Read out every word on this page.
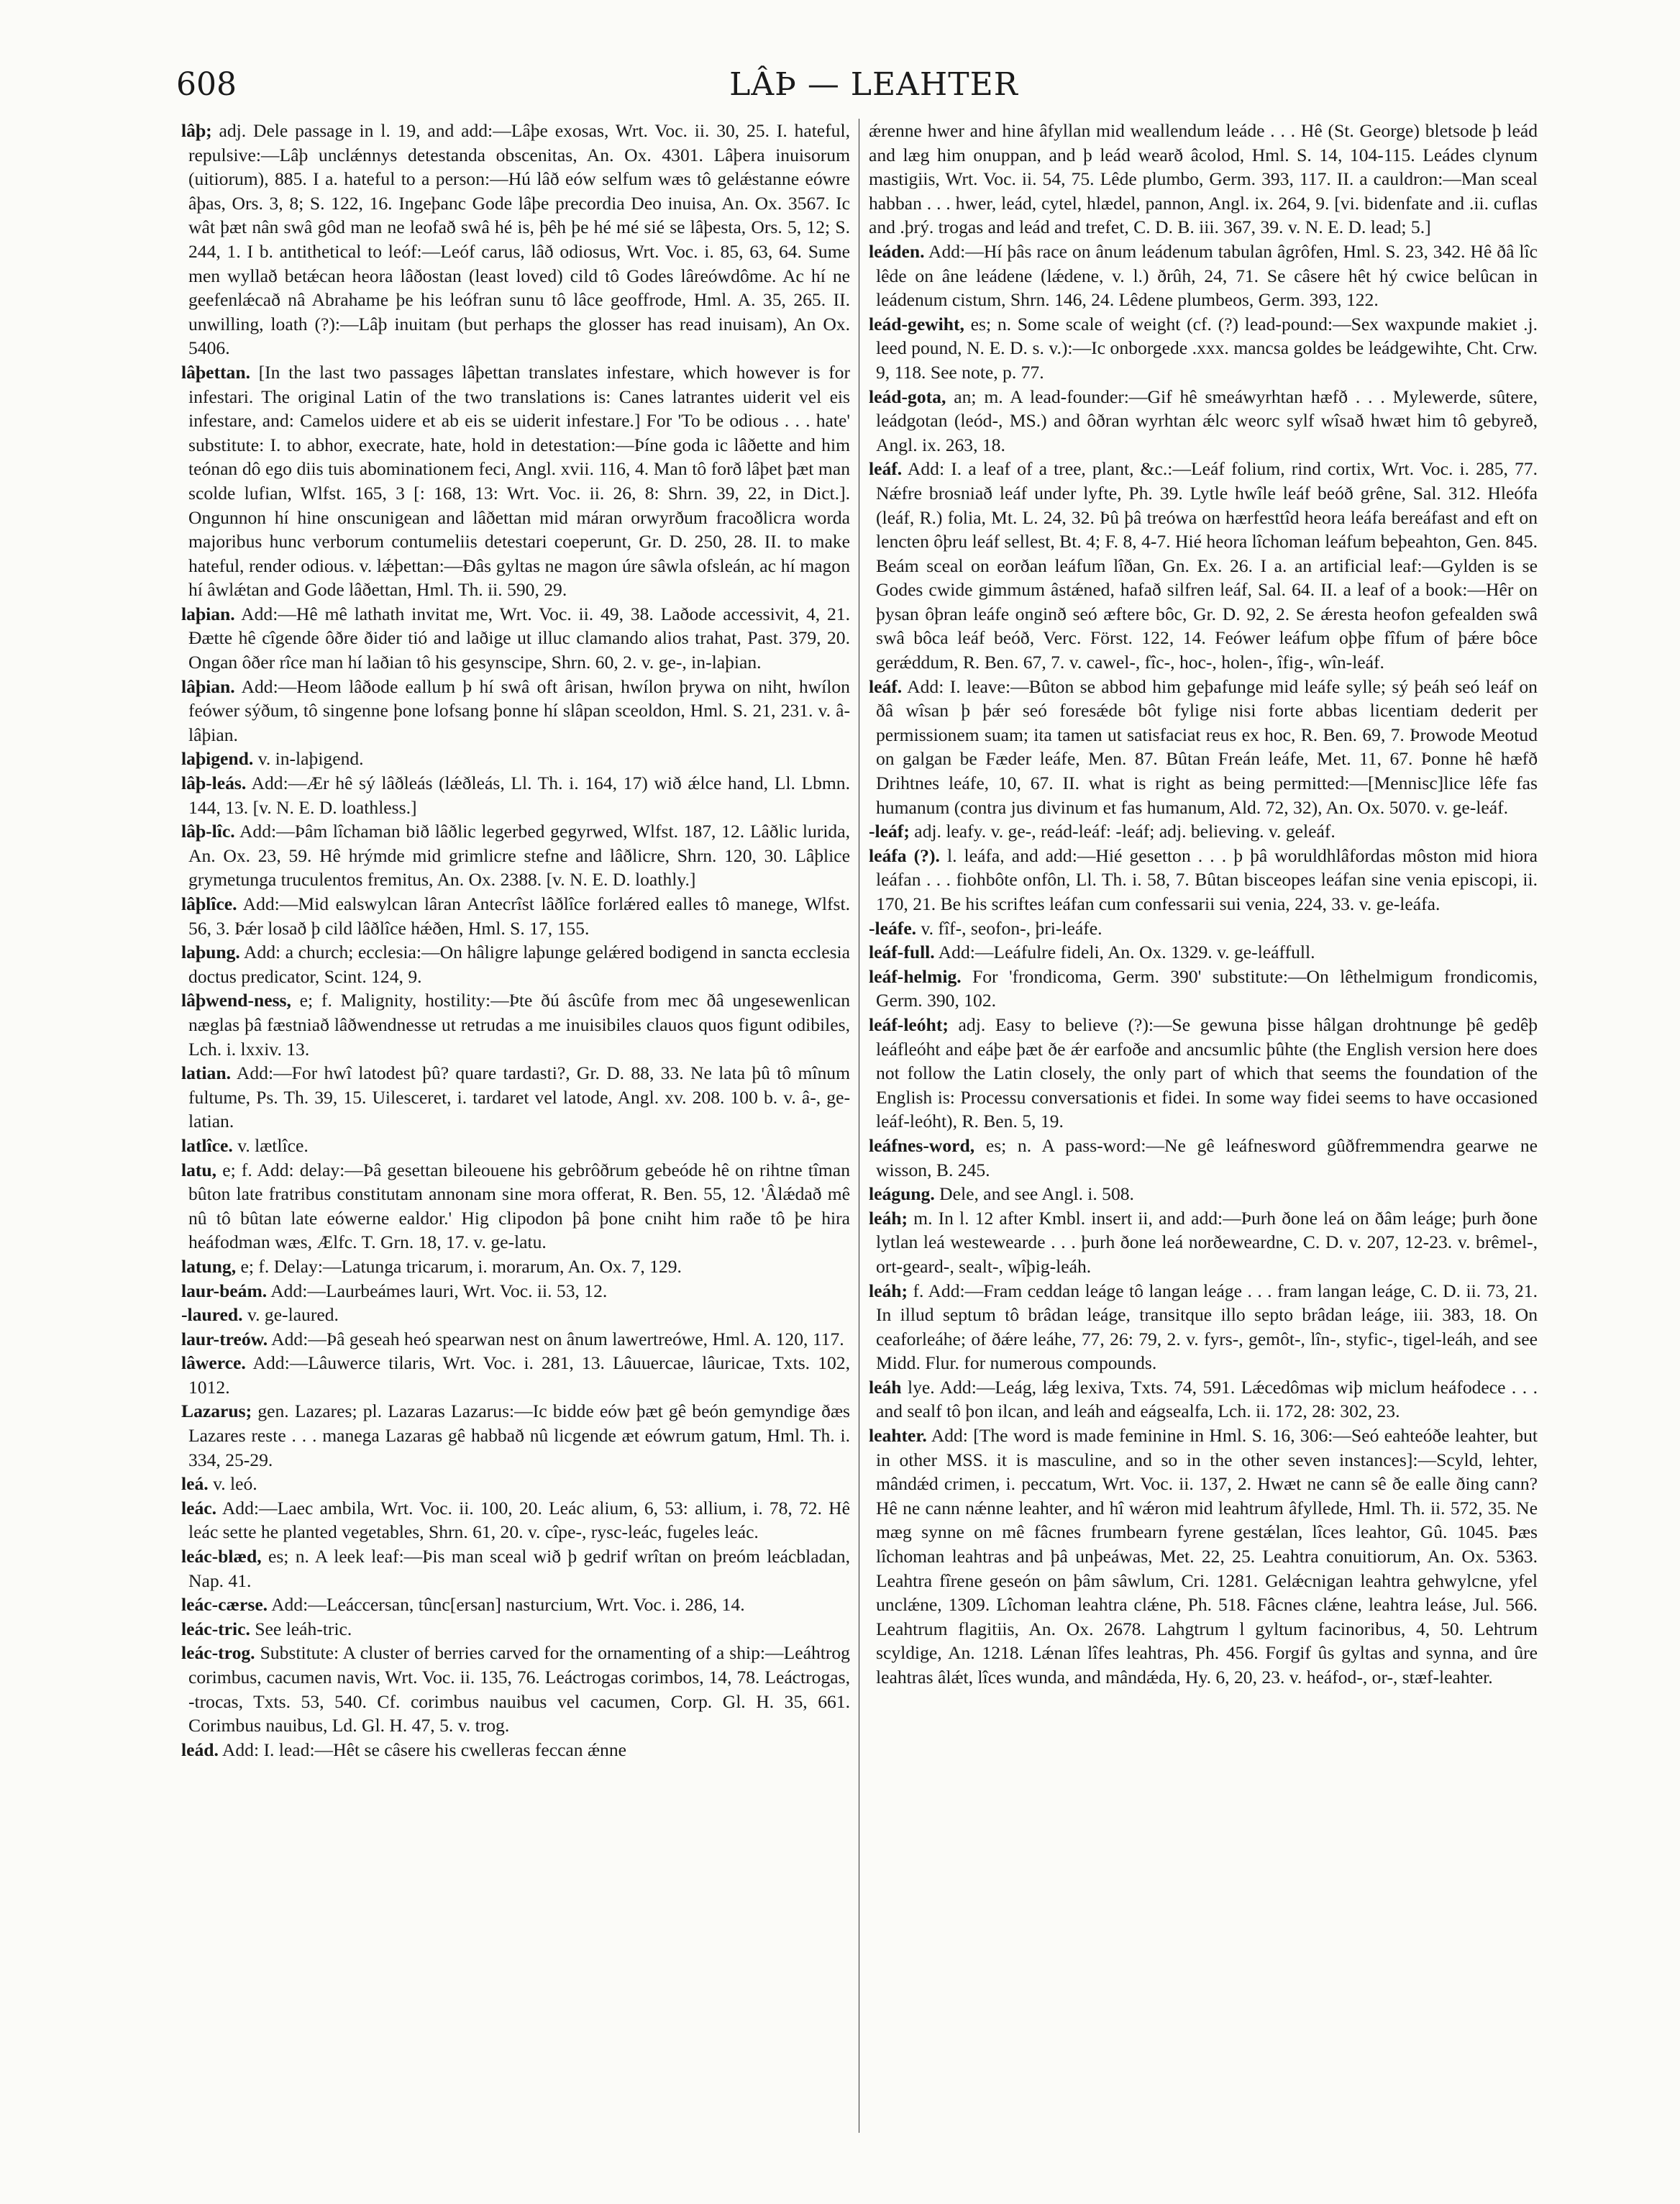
608	LÂÞ — LEAHTER

lâþ; adj. Dele passage in l. 19, and add:—Lâþe exosas, Wrt. Voc. ii. 30, 25. I. hateful, repulsive:—Lâþ unclǽnnys detestanda obscenitas, An. Ox. 4301. Lâþera inuisorum (uitiorum), 885. I a. hateful to a person:—Hú lâð eów selfum wæs tô gelǽstanne eówre âþas, Ors. 3, 8; S. 122, 16. Ingeþanc Gode lâþe precordia Deo inuisa, An. Ox. 3567. Ic wât þæt nân swâ gôd man ne leofað swâ hé is, þêh þe hé mé sié se lâþesta, Ors. 5, 12; S. 244, 1. I b. antithetical to leóf:—Leóf carus, lâð odiosus, Wrt. Voc. i. 85, 63, 64. Sume men wyllað betǽcan heora lâðostan (least loved) cild tô Godes lâreówdôme. Ac hí ne geefenlǽcað nâ Abrahame þe his leófran sunu tô lâce geoffrode, Hml. A. 35, 265. II. unwilling, loath (?):—Lâþ inuitam (but perhaps the glosser has read inuisam), An Ox. 5406.

lâþettan. [In the last two passages lâþettan translates infestare, which however is for infestari. The original Latin of the two translations is: Canes latrantes uiderit vel eis infestare, and: Camelos uidere et ab eis se uiderit infestare.] For 'To be odious . . . hate' substitute: I. to abhor, execrate, hate, hold in detestation:—Þíne goda ic lâðette and him teónan dô ego diis tuis abominationem feci, Angl. xvii. 116, 4. Man tô forð lâþet þæt man scolde lufian, Wlfst. 165, 3 [: 168, 13: Wrt. Voc. ii. 26, 8: Shrn. 39, 22, in Dict.]. Ongunnon hí hine onscunigean and lâðettan mid máran orwyrðum fracoðlicra worda majoribus hunc verborum contumeliis detestari coeperunt, Gr. D. 250, 28. II. to make hateful, render odious. v. lǽþettan:—Ðâs gyltas ne magon úre sâwla ofsleán, ac hí magon hí âwlǽtan and Gode lâðettan, Hml. Th. ii. 590, 29.

laþian. Add:—Hê mê lathath invitat me, Wrt. Voc. ii. 49, 38. Laðode accessivit, 4, 21. Ðætte hê cîgende ôðre ðider tió and laðige ut illuc clamando alios trahat, Past. 379, 20. Ongan ôðer rîce man hí laðian tô his gesynscipe, Shrn. 60, 2. v. ge-, in-laþian.

lâþian. Add:—Heom lâðode eallum þ hí swâ oft ârisan, hwílon þrywa on niht, hwílon feówer sýðum, tô singenne þone lofsang þonne hí slâpan sceoldon, Hml. S. 21, 231. v. â-lâþian.

laþigend. v. in-laþigend.

lâþ-leás. Add:—Ær hê sý lâðleás (lǽðleás, Ll. Th. i. 164, 17) wið ǽlce hand, Ll. Lbmn. 144, 13. [v. N. E. D. loathless.]

lâþ-lîc. Add:—Þâm lîchaman bið lâðlic legerbed gegyrwed, Wlfst. 187, 12. Lâðlic lurida, An. Ox. 23, 59. Hê hrýmde mid grimlicre stefne and lâðlicre, Shrn. 120, 30. Lâþlice grymetunga truculentos fremitus, An. Ox. 2388. [v. N. E. D. loathly.]

lâþlîce. Add:—Mid ealswylcan lâran Antecrîst lâðlîce forlǽred ealles tô manege, Wlfst. 56, 3. Þǽr losað þ cild lâðlîce hǽðen, Hml. S. 17, 155.

laþung. Add: a church; ecclesia:—On hâligre laþunge gelǽred bodigend in sancta ecclesia doctus predicator, Scint. 124, 9.

lâþwend-ness, e; f. Malignity, hostility:—Þte ðú âscûfe from mec ðâ ungesewenlican næglas þâ fæstniað lâðwendnesse ut retrudas a me inuisibiles clauos quos figunt odibiles, Lch. i. lxxiv. 13.

latian. Add:—For hwî latodest þû? quare tardasti?, Gr. D. 88, 33. Ne lata þû tô mînum fultume, Ps. Th. 39, 15. Uilesceret, i. tardaret vel latode, Angl. xv. 208. 100 b. v. â-, ge-latian.

latlîce. v. lætlîce.

latu, e; f. Add: delay:—Þâ gesettan bileouene his gebrôðrum gebeóde hê on rihtne tîman bûton late fratribus constitutam annonam sine mora offerat, R. Ben. 55, 12. 'Âlǽdað mê nû tô bûtan late eówerne ealdor.' Hig clipodon þâ þone cniht him raðe tô þe hira heáfodman wæs, Ælfc. T. Grn. 18, 17. v. ge-latu.

latung, e; f. Delay:—Latunga tricarum, i. morarum, An. Ox. 7, 129.

laur-beám. Add:—Laurbeámes lauri, Wrt. Voc. ii. 53, 12.

-laured. v. ge-laured.

laur-treów. Add:—Þâ geseah heó spearwan nest on ânum lawertreówe, Hml. A. 120, 117.

lâwerce. Add:—Lâuwerce tilaris, Wrt. Voc. i. 281, 13. Lâuuercae, lâuricae, Txts. 102, 1012.

Lazarus; gen. Lazares; pl. Lazaras Lazarus:—Ic bidde eów þæt gê beón gemyndige ðæs Lazares reste . . . manega Lazaras gê habbað nû licgende æt eówrum gatum, Hml. Th. i. 334, 25-29.

leá. v. leó.

leác. Add:—Laec ambila, Wrt. Voc. ii. 100, 20. Leác alium, 6, 53: allium, i. 78, 72. Hê leác sette he planted vegetables, Shrn. 61, 20. v. cîpe-, rysc-leác, fugeles leác.

leác-blæd, es; n. A leek leaf:—Þis man sceal wið þ gedrif wrîtan on þreóm leácbladan, Nap. 41.

leác-cærse. Add:—Leáccersan, tûnc[ersan] nasturcium, Wrt. Voc. i. 286, 14.

leác-tric. See leáh-tric.

leác-trog. Substitute: A cluster of berries carved for the ornamenting of a ship:—Leáhtrog corimbus, cacumen navis, Wrt. Voc. ii. 135, 76. Leáctrogas corimbos, 14, 78. Leáctrogas, -trocas, Txts. 53, 540. Cf. corimbus nauibus vel cacumen, Corp. Gl. H. 35, 661. Corimbus nauibus, Ld. Gl. H. 47, 5. v. trog.

leád. Add: I. lead:—Hêt se câsere his cwelleras feccan ǽnne

ǽrenne hwer and hine âfyllan mid weallendum leáde . . . Hê (St. George) bletsode þ leád and læg him onuppan, and þ leád wearð âcolod, Hml. S. 14, 104-115. Leádes clynum mastigiis, Wrt. Voc. ii. 54, 75. Lêde plumbo, Germ. 393, 117. II. a cauldron:—Man sceal habban . . . hwer, leád, cytel, hlædel, pannon, Angl. ix. 264, 9. [vi. bidenfate and .ii. cuflas and .þrý. trogas and leád and trefet, C. D. B. iii. 367, 39. v. N. E. D. lead; 5.]

leáden. Add:—Hí þâs race on ânum leádenum tabulan âgrôfen, Hml. S. 23, 342. Hê ðâ lîc lêde on âne leádene (lǽdene, v. l.) ðrûh, 24, 71. Se câsere hêt hý cwice belûcan in leádenum cistum, Shrn. 146, 24. Lêdene plumbeos, Germ. 393, 122.

leád-gewiht, es; n. Some scale of weight (cf. (?) lead-pound:—Sex waxpunde makiet .j. leed pound, N. E. D. s. v.):—Ic onborgede .xxx. mancsa goldes be leádgewihte, Cht. Crw. 9, 118. See note, p. 77.

leád-gota, an; m. A lead-founder:—Gif hê smeáwyrhtan hæfð . . . Mylewerde, sûtere, leádgotan (leód-, MS.) and ôðran wyrhtan ǽlc weorc sylf wîsað hwæt him tô gebyreð, Angl. ix. 263, 18.

leáf. Add: I. a leaf of a tree, plant, &c.:—Leáf folium, rind cortix, Wrt. Voc. i. 285, 77. Nǽfre brosniað leáf under lyfte, Ph. 39. Lytle hwîle leáf beóð grêne, Sal. 312. Hleófa (leáf, R.) folia, Mt. L. 24, 32. Þû þâ treówa on hærfesttîd heora leáfa bereáfast and eft on lencten ôþru leáf sellest, Bt. 4; F. 8, 4-7. Hié heora lîchoman leáfum beþeahton, Gen. 845. Beám sceal on eorðan leáfum lîðan, Gn. Ex. 26. I a. an artificial leaf:—Gylden is se Godes cwide gimmum âstǽned, hafað silfren leáf, Sal. 64. II. a leaf of a book:—Hêr on þysan ôþran leáfe onginð seó æftere bôc, Gr. D. 92, 2. Se ǽresta heofon gefealden swâ swâ bôca leáf beóð, Verc. Först. 122, 14. Feówer leáfum oþþe fîfum of þǽre bôce gerǽddum, R. Ben. 67, 7. v. cawel-, fîc-, hoc-, holen-, îfig-, wîn-leáf.

leáf. Add: I. leave:—Bûton se abbod him geþafunge mid leáfe sylle; sý þeáh seó leáf on ðâ wîsan þ þǽr seó foresǽde bôt fylige nisi forte abbas licentiam dederit per permissionem suam; ita tamen ut satisfaciat reus ex hoc, R. Ben. 69, 7. Þrowode Meotud on galgan be Fæder leáfe, Men. 87. Bûtan Freán leáfe, Met. 11, 67. Þonne hê hæfð Drihtnes leáfe, 10, 67. II. what is right as being permitted:—[Mennisc]lice lêfe fas humanum (contra jus divinum et fas humanum, Ald. 72, 32), An. Ox. 5070. v. ge-leáf.

-leáf; adj. leafy. v. ge-, reád-leáf: -leáf; adj. believing. v. geleáf.

leáfa (?). l. leáfa, and add:—Hié gesetton . . . þ þâ woruldhlâfordas môston mid hiora leáfan . . . fiohbôte onfôn, Ll. Th. i. 58, 7. Bûtan bisceopes leáfan sine venia episcopi, ii. 170, 21. Be his scriftes leáfan cum confessarii sui venia, 224, 33. v. ge-leáfa.

-leáfe. v. fîf-, seofon-, þri-leáfe.

leáf-full. Add:—Leáfulre fideli, An. Ox. 1329. v. ge-leáffull.

leáf-helmig. For 'frondicoma, Germ. 390' substitute:—On lêthelmigum frondicomis, Germ. 390, 102.

leáf-leóht; adj. Easy to believe (?):—Se gewuna þisse hâlgan drohtnunge þê gedêþ leáfleóht and eáþe þæt ðe ǽr earfoðe and ancsumlic þûhte (the English version here does not follow the Latin closely, the only part of which that seems the foundation of the English is: Processu conversationis et fidei. In some way fidei seems to have occasioned leáf-leóht), R. Ben. 5, 19.

leáfnes-word, es; n. A pass-word:—Ne gê leáfnesword gûðfremmendra gearwe ne wisson, B. 245.

leágung. Dele, and see Angl. i. 508.

leáh; m. In l. 12 after Kmbl. insert ii, and add:—Þurh ðone leá on ðâm leáge; þurh ðone lytlan leá westewearde . . . þurh ðone leá norðeweardne, C. D. v. 207, 12-23. v. brêmel-, ort-geard-, sealt-, wîþig-leáh.

leáh; f. Add:—Fram ceddan leáge tô langan leáge . . . fram langan leáge, C. D. ii. 73, 21. In illud septum tô brâdan leáge, transitque illo septo brâdan leáge, iii. 383, 18. On ceaforleáhe; of ðǽre leáhe, 77, 26: 79, 2. v. fyrs-, gemôt-, lîn-, styfic-, tigel-leáh, and see Midd. Flur. for numerous compounds.

leáh lye. Add:—Leág, lǽg lexiva, Txts. 74, 591. Lǽcedômas wiþ miclum heáfodece . . . and sealf tô þon ilcan, and leáh and eágsealfa, Lch. ii. 172, 28: 302, 23.

leahter. Add: [The word is made feminine in Hml. S. 16, 306:—Seó eahteóðe leahter, but in other MSS. it is masculine, and so in the other seven instances]:—Scyld, lehter, mândǽd crimen, i. peccatum, Wrt. Voc. ii. 137, 2. Hwæt ne cann sê ðe ealle ðing cann? Hê ne cann nǽnne leahter, and hî wǽron mid leahtrum âfyllede, Hml. Th. ii. 572, 35. Ne mæg synne on mê fâcnes frumbearn fyrene gestǽlan, lîces leahtor, Gû. 1045. Þæs lîchoman leahtras and þâ unþeáwas, Met. 22, 25. Leahtra conuitiorum, An. Ox. 5363. Leahtra fîrene geseón on þâm sâwlum, Cri. 1281. Gelǽcnigan leahtra gehwylcne, yfel unclǽne, 1309. Lîchoman leahtra clǽne, Ph. 518. Fâcnes clǽne, leahtra leáse, Jul. 566. Leahtrum flagitiis, An. Ox. 2678. Lahgtrum l gyltum facinoribus, 4, 50. Lehtrum scyldige, An. 1218. Lǽnan lîfes leahtras, Ph. 456. Forgif ûs gyltas and synna, and ûre leahtras âlǽt, lîces wunda, and mândǽda, Hy. 6, 20, 23. v. heáfod-, or-, stæf-leahter.
